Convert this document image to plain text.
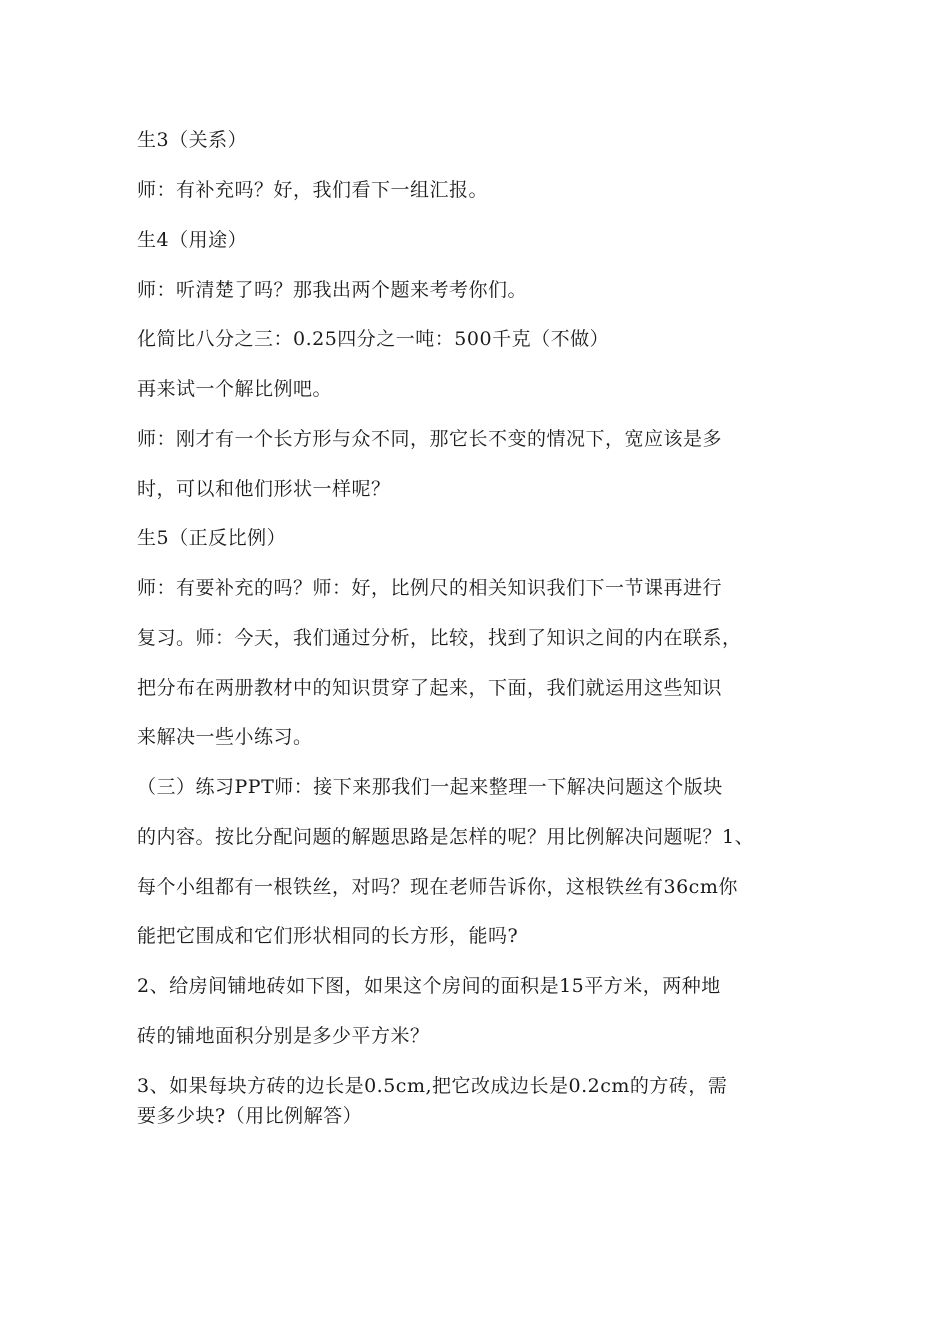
生3（关系）
师：有补充吗？好，我们看下一组汇报。
生4（用途）
师：听清楚了吗？那我出两个题来考考你们。
化简比八分之三：0.25四分之一吨：500千克（不做）
再来试一个解比例吧。
师：刚才有一个长方形与众不同，那它长不变的情况下，宽应该是多
时，可以和他们形状一样呢？
生5（正反比例）
师：有要补充的吗？师：好，比例尺的相关知识我们下一节课再进行
复习。师：今天，我们通过分析，比较，找到了知识之间的内在联系，
把分布在两册教材中的知识贯穿了起来，下面，我们就运用这些知识
来解决一些小练习。
（三）练习PPT师：接下来那我们一起来整理一下解决问题这个版块
的内容。按比分配问题的解题思路是怎样的呢？用比例解决问题呢？1、
每个小组都有一根铁丝，对吗？现在老师告诉你，这根铁丝有36cm你
能把它围成和它们形状相同的长方形，能吗?
2、给房间铺地砖如下图，如果这个房间的面积是15平方米，两种地
砖的铺地面积分别是多少平方米？
3、如果每块方砖的边长是0.5cm,把它改成边长是0.2cm的方砖，需
要多少块?（用比例解答）
